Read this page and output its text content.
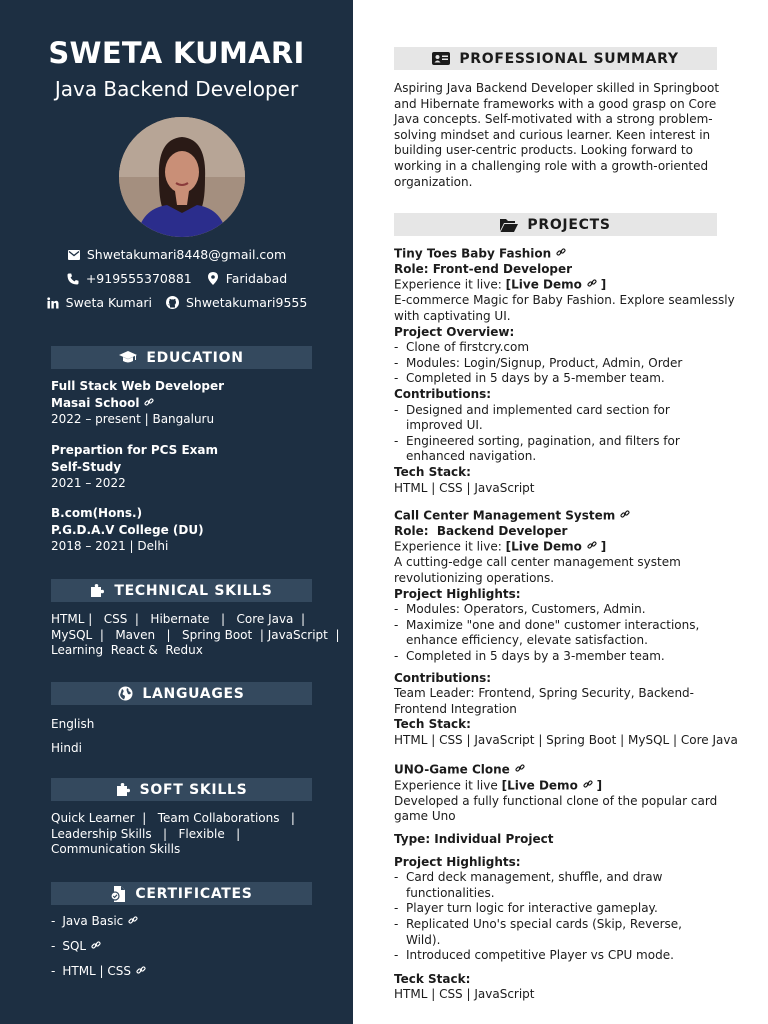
SWETA KUMARI
Java Backend Developer
Shwetakumari8448@gmail.com
+919555370881	Faridabad
Sweta Kumari	Shwetakumari9555
EDUCATION
Full Stack Web Developer
Masai School
2022 – present | Bangaluru
Prepartion for PCS Exam
Self-Study
2021 – 2022
B.com(Hons.)
P.G.D.A.V College (DU)
2018 – 2021 | Delhi
TECHNICAL SKILLS
HTML |   CSS  |   Hibernate   |   Core Java  |
MySQL  |   Maven   |   Spring Boot  | JavaScript  |
Learning  React &  Redux
LANGUAGES
English
Hindi
SOFT SKILLS
Quick Learner  |   Team Collaborations   |
Leadership Skills   |   Flexible   |
Communication Skills
CERTIFICATES
- Java Basic
- SQL
- HTML | CSS
PROFESSIONAL SUMMARY
Aspiring Java Backend Developer skilled in Springboot
and Hibernate frameworks with a good grasp on Core
Java concepts. Self-motivated with a strong problem-
solving mindset and curious learner. Keen interest in
building user-centric products. Looking forward to
working in a challenging role with a growth-oriented
organization.
PROJECTS
Tiny Toes Baby Fashion
Role: Front-end Developer
Experience it live: [Live Demo ]
E-commerce Magic for Baby Fashion. Explore seamlessly
with captivating UI.
Project Overview:
- Clone of firstcry.com
- Modules: Login/Signup, Product, Admin, Order
- Completed in 5 days by a 5-member team.
Contributions:
- Designed and implemented card section for improved UI.
- Engineered sorting, pagination, and filters for enhanced navigation.
Tech Stack:
HTML | CSS | JavaScript
Call Center Management System
Role:  Backend Developer
Experience it live: [Live Demo ]
A cutting-edge call center management system
revolutionizing operations.
Project Highlights:
- Modules: Operators, Customers, Admin.
- Maximize "one and done" customer interactions, enhance efficiency, elevate satisfaction.
- Completed in 5 days by a 3-member team.
Contributions:
Team Leader: Frontend, Spring Security, Backend-
Frontend Integration
Tech Stack:
HTML | CSS | JavaScript | Spring Boot | MySQL | Core Java
UNO-Game Clone
Experience it live [Live Demo ]
Developed a fully functional clone of the popular card
game Uno
Type: Individual Project
Project Highlights:
- Card deck management, shuffle, and draw functionalities.
- Player turn logic for interactive gameplay.
- Replicated Uno's special cards (Skip, Reverse, Wild).
- Introduced competitive Player vs CPU mode.
Teck Stack:
HTML | CSS | JavaScript
